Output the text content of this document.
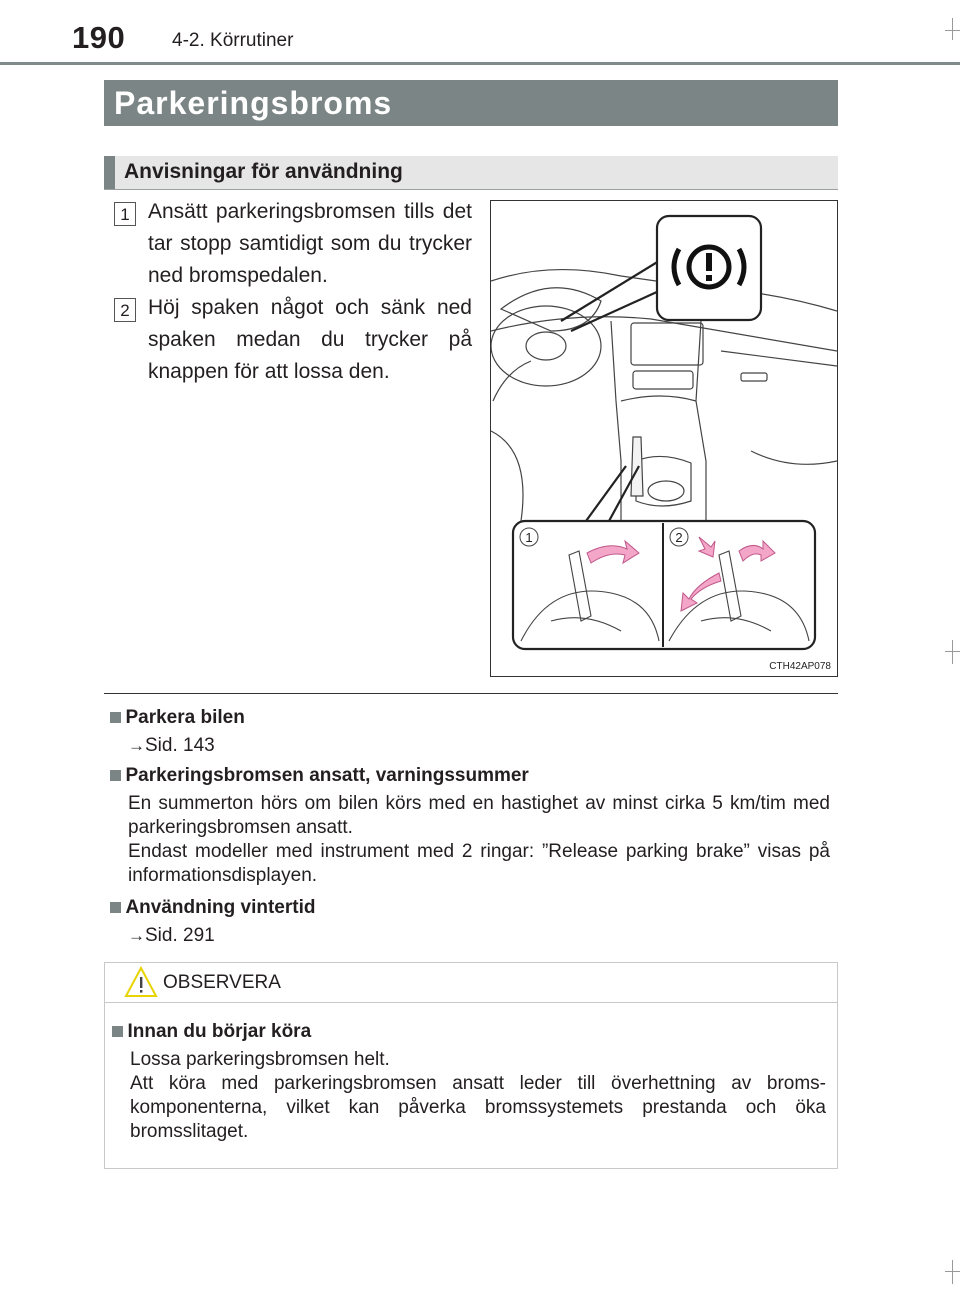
190 4-2. Körrutiner
Parkeringsbroms
Anvisningar för användning
1 Ansätt parkeringsbromsen tills det tar stopp samtidigt som du trycker ned bromspedalen.
2 Höj spaken något och sänk ned spaken medan du trycker på knappen för att lossa den.
1	2
CTH42AP078
Parkera bilen
→Sid. 143
Parkeringsbromsen ansatt, varningssummer
En summerton hörs om bilen körs med en hastighet av minst cirka 5 km/tim med parkeringsbromsen ansatt.
Endast modeller med instrument med 2 ringar: ”Release parking brake” visas på informationsdisplayen.
Användning vintertid
→Sid. 291
OBSERVERA
Innan du börjar köra
Lossa parkeringsbromsen helt.
Att köra med parkeringsbromsen ansatt leder till överhettning av broms-komponenterna, vilket kan påverka bromssystemets prestanda och öka bromsslitaget.
